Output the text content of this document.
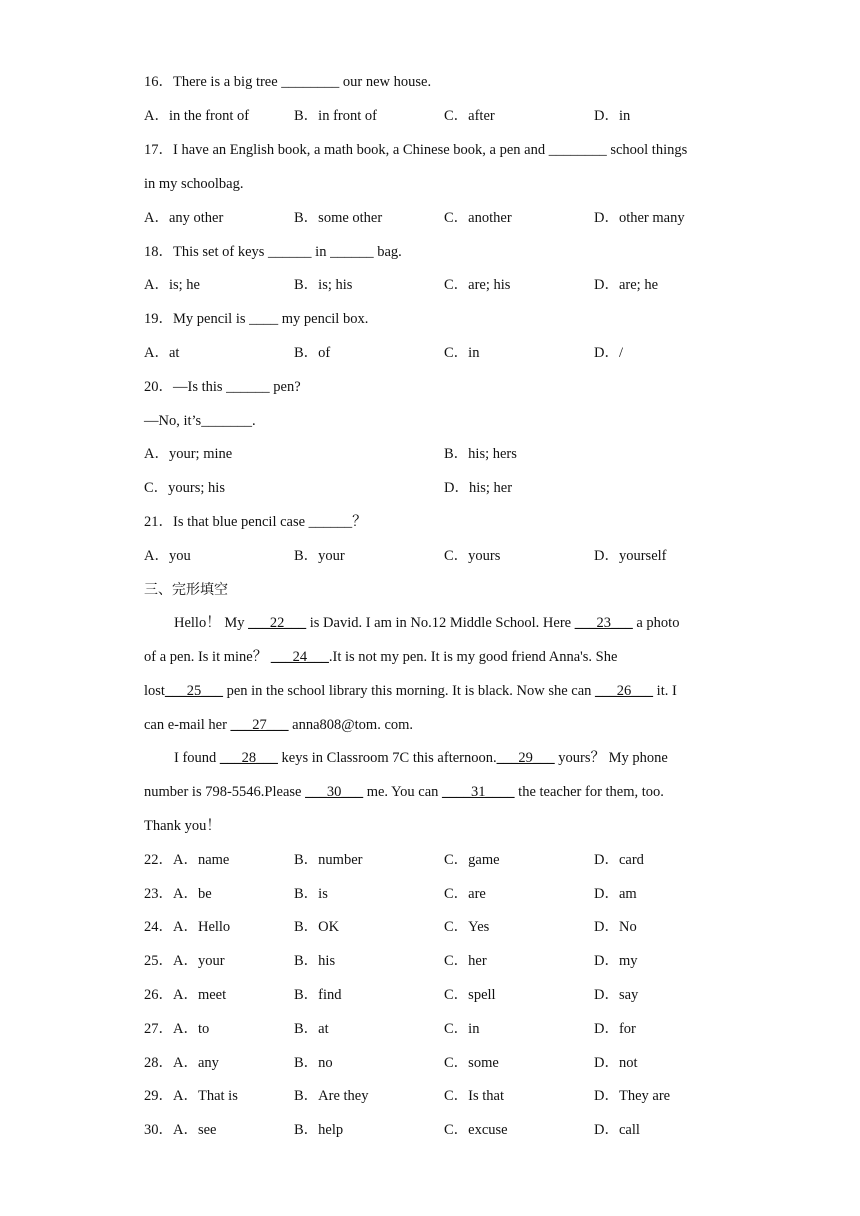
16．There is a big tree ________ our new house.
A．in the front of	B．in front of	C．after	D．in
17．I have an English book, a math book, a Chinese book, a pen and ________ school things
in my schoolbag.
A．any other	B．some other	C．another	D．other many
18．This set of keys ______ in ______ bag.
A．is; he	B．is; his	C．are; his	D．are; he
19．My pencil is ____ my pencil box.
A．at	B．of	C．in	D．/
20．—Is this ______ pen?
—No, it’s_______.
A．your; mine	B．his; hers
C．yours; his	D．his; her
21．Is that blue pencil case ______？
A．you	B．your	C．yours	D．yourself
三、完形填空
Hello！ My ___22___ is David. I am in No.12 Middle School. Here ___23___ a photo
of a pen. Is it mine？ ___24___.It is not my pen. It is my good friend Anna's. She
lost___25___ pen in the school library this morning. It is black. Now she can ___26___ it. I
can e-mail her ___27___ anna808@tom. com.
I found ___28___ keys in Classroom 7C this afternoon.___29___ yours？ My phone
number is 798-5546.Please ___30___ me. You can ____31____ the teacher for them, too.
Thank you！
22．A．name	B．number	C．game	D．card
23．A．be	B．is	C．are	D．am
24．A．Hello	B．OK	C．Yes	D．No
25．A．your	B．his	C．her	D．my
26．A．meet	B．find	C．spell	D．say
27．A．to	B．at	C．in	D．for
28．A．any	B．no	C．some	D．not
29．A．That is	B．Are they	C．Is that	D．They are
30．A．see	B．help	C．excuse	D．call
